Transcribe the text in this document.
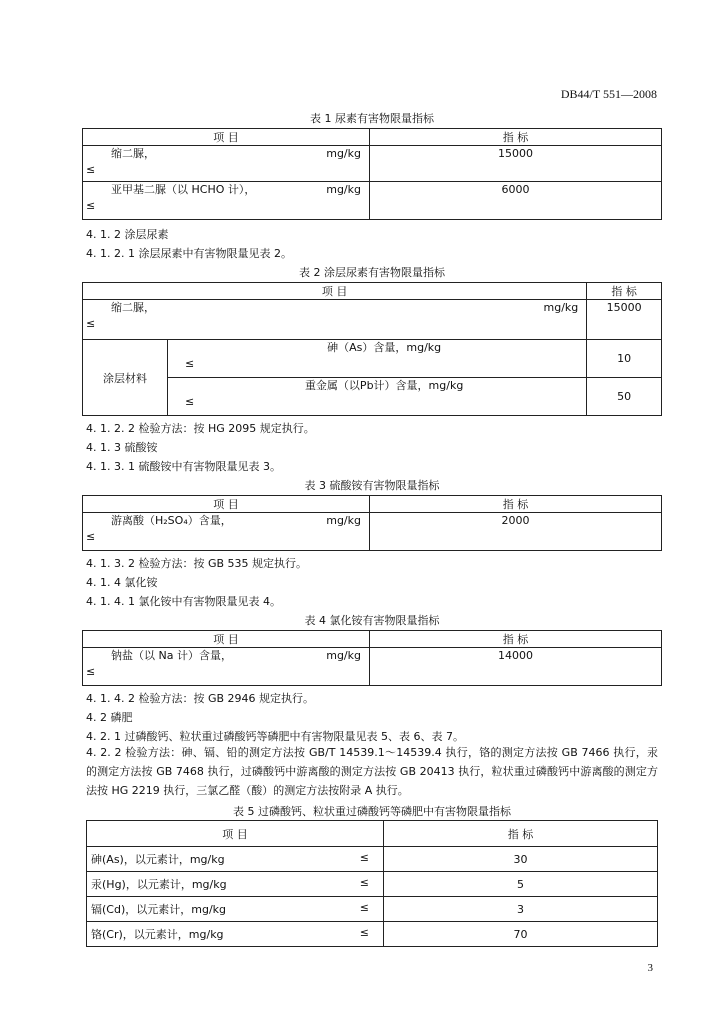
DB44/T 551—2008
表 1 尿素有害物限量指标
项 目	指 标

缩二脲， mg/kg
≤	15000

亚甲基二脲（以 HCHO 计）， mg/kg
≤	6000
4. 1. 2 涂层尿素
4. 1. 2. 1 涂层尿素中有害物限量见表 2。
表 2 涂层尿素有害物限量指标
项 目		指 标

缩二脲， mg/kg
≤		15000
涂层材料	砷（As）含量，mg/kg
≤	10

	重金属（以Pb计）含量，mg/kg
≤	50
4. 1. 2. 2 检验方法：按 HG 2095 规定执行。
4. 1. 3 硫酸铵
4. 1. 3. 1 硫酸铵中有害物限量见表 3。
表 3 硫酸铵有害物限量指标
项 目	指 标

游离酸（H₂SO₄）含量， mg/kg
≤	2000
4. 1. 3. 2 检验方法：按 GB 535 规定执行。
4. 1. 4 氯化铵
4. 1. 4. 1 氯化铵中有害物限量见表 4。
表 4 氯化铵有害物限量指标
项 目	指 标

钠盐（以 Na 计）含量， mg/kg
≤	14000
4. 1. 4. 2 检验方法：按 GB 2946 规定执行。
4. 2 磷肥
4. 2. 1 过磷酸钙、粒状重过磷酸钙等磷肥中有害物限量见表 5、表 6、表 7。
4. 2. 2 检验方法：砷、镉、铅的测定方法按 GB/T 14539.1～14539.4 执行，铬的测定方法按 GB 7466 执行，汞的测定方法按 GB 7468 执行，过磷酸钙中游离酸的测定方法按 GB 20413 执行，粒状重过磷酸钙中游离酸的测定方法按 HG 2219 执行，三氯乙醛（酸）的测定方法按附录 A 执行。
表 5 过磷酸钙、粒状重过磷酸钙等磷肥中有害物限量指标
项 目	指 标

砷(As)，以元素计，mg/kg ≤	30

汞(Hg)，以元素计，mg/kg ≤	5

镉(Cd)，以元素计，mg/kg ≤	3

铬(Cr)，以元素计，mg/kg ≤	70
3
